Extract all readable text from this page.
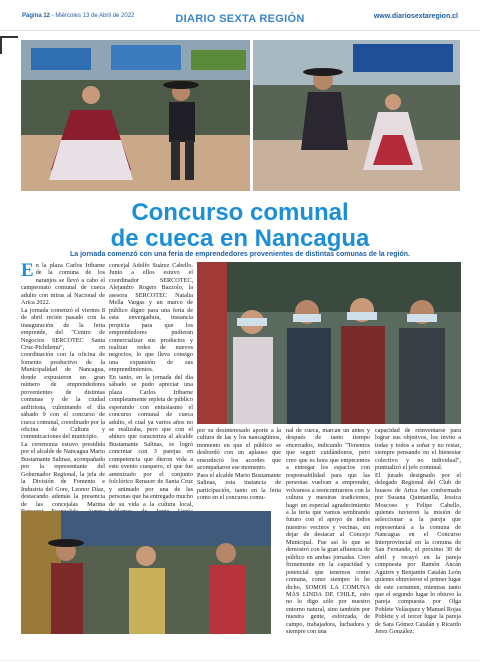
Página 12 - Miércoles 13 de Abril de 2022	DIARIO SEXTA REGIÓN	www.diariosextaregion.cl
Concurso comunal
de cueca en Nancagua
La jornada comenzó con una feria de emprendedores provenientes de distintas comunas de la región.
En la plaza Carlos Iribarne de la comuna de los naranjos se llevó a cabo el campeonato comunal de cueca adulto con miras al Nacional de Arica 2022.
La jornada comenzó el viernes 8 de abril recién pasado con la inauguración de la feria emprende, del "Centro de Negocios SERCOTEC Santa Cruz-Pichilemu", en coordinación con la oficina de fomento productivo de la Municipalidad de Nancagua, donde expusieron un gran número de emprendedores provenientes de distintas comunas y de la ciudad anfitriona, culminando el día sábado 9 con el concurso de cueca comunal, coordinado por la oficina de Cultura y comunicaciones del municipio.
La ceremonia estuvo presidida por el alcalde de Nancagua Mario Bustamante Salinas, acompañado por la representante del Gobernador Regional, la jefa de la División de Fomento e Industria del Gore, Leonor Díaz, destacando además la presencia de las concejalas Marina
concejal Adolfo Suárez Cabello. Junto a ellos estuvo el coordinador SERCOTEC, Alejandro Rogers Bazzolo, la asesora SERCOTEC Natalia Mella Vargas y un marco de público digno para una feria de esta envergadura, instancia propicia para que los emprendedores pudieran comercializar sus productos y realizar redes de nuevos negocios, lo que lleva consigo una expansión de sus emprendimientos.
En tanto, en la jornada del día sábado se pudo apreciar una plaza Carlos Iribarne completamente repleta de público esperando con entusiasmo el concurso comunal de cueca adulto, el cual ya varios años no se realizaba, pero que con el ahínco que caracteriza al alcalde Bustamante Salinas, se logró concretar con 3 parejas en competencia que dieron vida a este evento cuequero, el que fue amenizado por el conjunto folclórico Renacer de Santa Cruz y animado por una de las personas que ha entregado mucho de su vida a la cultura local,
por su desinteresado aporte a la cultura de las y los nancagüinos, momento en que el público se desbordó con un aplauso que ensordeció los acordes que acompañaron ese momento.
Para el alcalde Mario Bustamante Salinas, esta instancia de participación, tanto en la feria como en el concurso comu-
nal de cueca, marcan un antes y después de tanto tiempo encerrados, indicando "Tenemos que seguir cuidándonos, pero creo que es hora que empecemos a entregar los espacios con responsabilidad para que las personas vuelvan a emprender, volvamos a reencontrarnos con la cultura y nuestras tradiciones, hago un especial agradecimiento a la feria que vamos sembrando futuro con el apoyo de todos nuestros vecinos y vecinas, sin dejar de destacar al Concejo Municipal. Fue así lo que se demostró con la gran afluencia de público en ambas jornadas. Creo firmemente en la capacidad y potencial que tenemos como comuna, como siempre lo he dicho, SOMOS LA COMUNA MÁS LINDA DE CHILE, esto no lo digo sólo por nuestro entorno natural, sino también por nuestra gente, esforzada, de campo, trabajadora, luchadora y siempre con una
capacidad de reinventarse para lograr sus objetivos, los invito a todas y todos a soñar y no restar, siempre pensando en el bienestar colectivo y no individual", puntualizó el jefe comunal.
El jurado designado por el delegado Regional del Club de huasos de Arica fue conformado por Susana Quintanilla, Jessica Moscoso y Felipe Cabello, quienes tuvieron la misión de seleccionar a la pareja que representará a la comuna de Nancagua en el Concurso Interprovincial en la comuna de San Fernando, el próximo 30 de abril y recayó en la pareja compuesta por Ramón Ancán Aguirre y Benjamín Catalán León quienes obtuvieron el primer lugar de este certamen, mientras tanto que el segundo lugar lo obtuvo la pareja compuesta por Olga Poblete Velásquez y Manuel Rojas Poblete y el tercer lugar la pareja de Sara Gómez Catalán y Ricardo Jerez González.
